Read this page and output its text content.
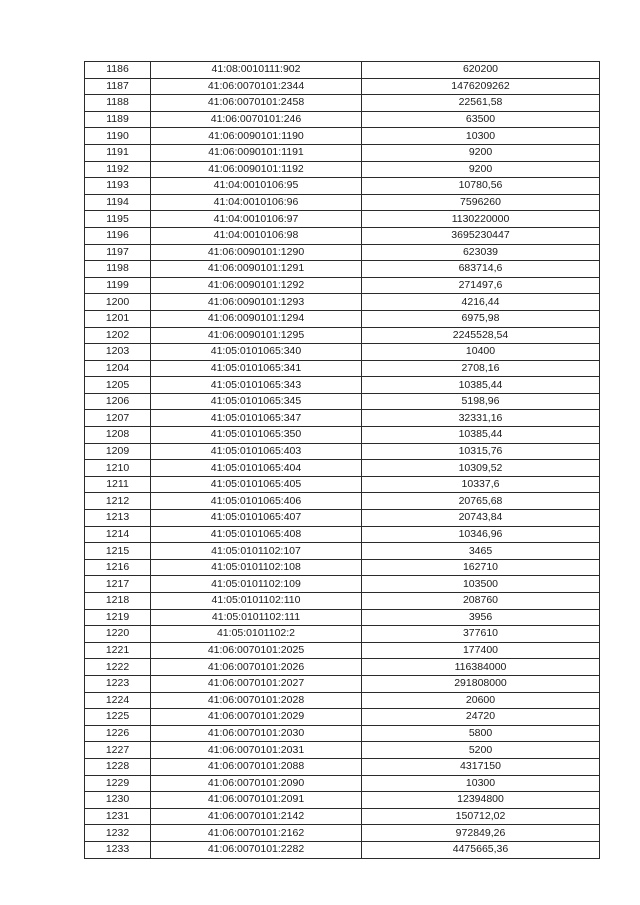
1186	41:08:0010111:902	620200
1187	41:06:0070101:2344	1476209262
1188	41:06:0070101:2458	22561,58
1189	41:06:0070101:246	63500
1190	41:06:0090101:1190	10300
1191	41:06:0090101:1191	9200
1192	41:06:0090101:1192	9200
1193	41:04:0010106:95	10780,56
1194	41:04:0010106:96	7596260
1195	41:04:0010106:97	1130220000
1196	41:04:0010106:98	3695230447
1197	41:06:0090101:1290	623039
1198	41:06:0090101:1291	683714,6
1199	41:06:0090101:1292	271497,6
1200	41:06:0090101:1293	4216,44
1201	41:06:0090101:1294	6975,98
1202	41:06:0090101:1295	2245528,54
1203	41:05:0101065:340	10400
1204	41:05:0101065:341	2708,16
1205	41:05:0101065:343	10385,44
1206	41:05:0101065:345	5198,96
1207	41:05:0101065:347	32331,16
1208	41:05:0101065:350	10385,44
1209	41:05:0101065:403	10315,76
1210	41:05:0101065:404	10309,52
1211	41:05:0101065:405	10337,6
1212	41:05:0101065:406	20765,68
1213	41:05:0101065:407	20743,84
1214	41:05:0101065:408	10346,96
1215	41:05:0101102:107	3465
1216	41:05:0101102:108	162710
1217	41:05:0101102:109	103500
1218	41:05:0101102:110	208760
1219	41:05:0101102:111	3956
1220	41:05:0101102:2	377610
1221	41:06:0070101:2025	177400
1222	41:06:0070101:2026	116384000
1223	41:06:0070101:2027	291808000
1224	41:06:0070101:2028	20600
1225	41:06:0070101:2029	24720
1226	41:06:0070101:2030	5800
1227	41:06:0070101:2031	5200
1228	41:06:0070101:2088	4317150
1229	41:06:0070101:2090	10300
1230	41:06:0070101:2091	12394800
1231	41:06:0070101:2142	150712,02
1232	41:06:0070101:2162	972849,26
1233	41:06:0070101:2282	4475665,36
